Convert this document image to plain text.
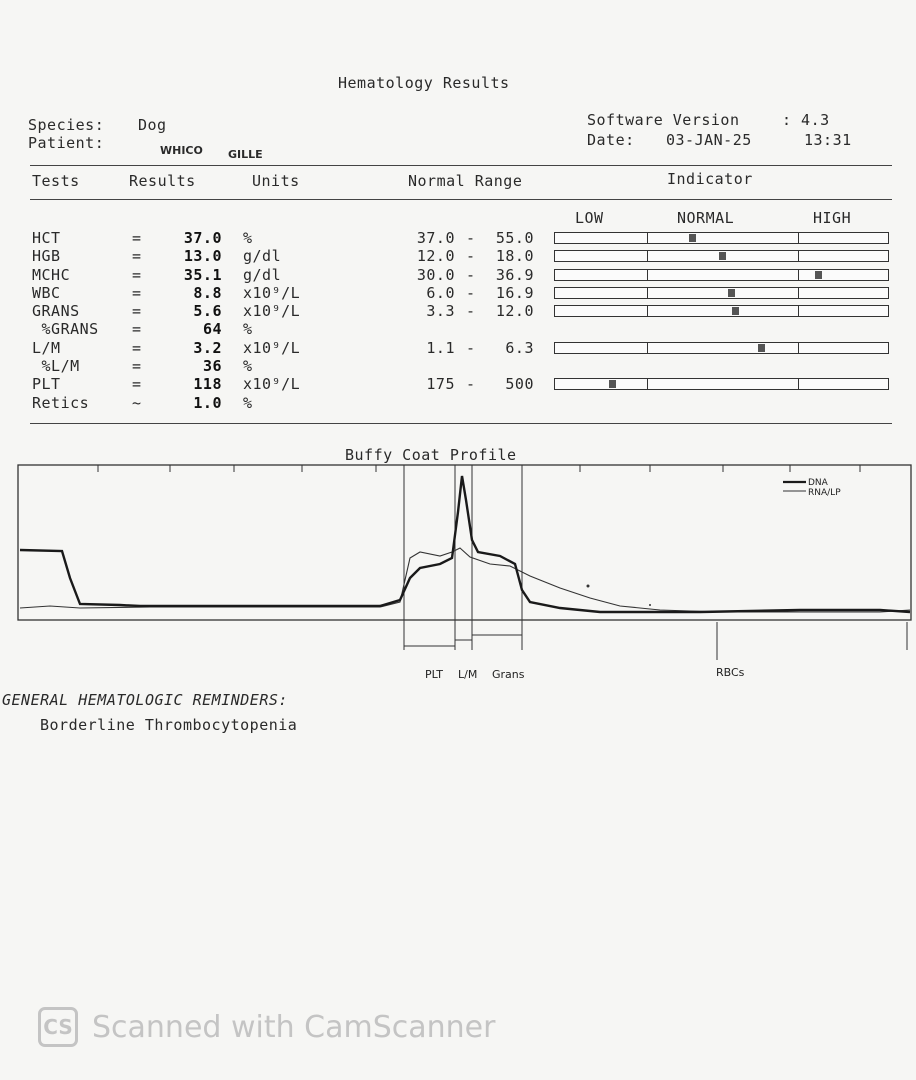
Hematology Results
Species: Dog
Patient:	WHICO GILLE
Software Version	: 4.3
Date: 03-JAN-25	13:31
Tests	Results	Units	Normal Range	Indicator
LOW	NORMAL	HIGH
HCT	=	37.0 %	37.0 -	55.0
HGB	=	13.0 g/dl	12.0 -	18.0
MCHC	=	35.1 g/dl	30.0 -	36.9
WBC	=	8.8 x10⁹/L	6.0 -	16.9
GRANS	=	5.6 x10⁹/L	3.3 -	12.0
%GRANS =	64 %
L/M	=	3.2 x10⁹/L	1.1 -	6.3
%L/M	=	36 %
PLT	=	118 x10⁹/L	175 -	500
Retics	~	1.0 %
Buffy Coat Profile
DNA
RNA/LP
PLT L/M Grans	RBCs
GENERAL HEMATOLOGIC REMINDERS:
Borderline Thrombocytopenia
CS Scanned with CamScanner
